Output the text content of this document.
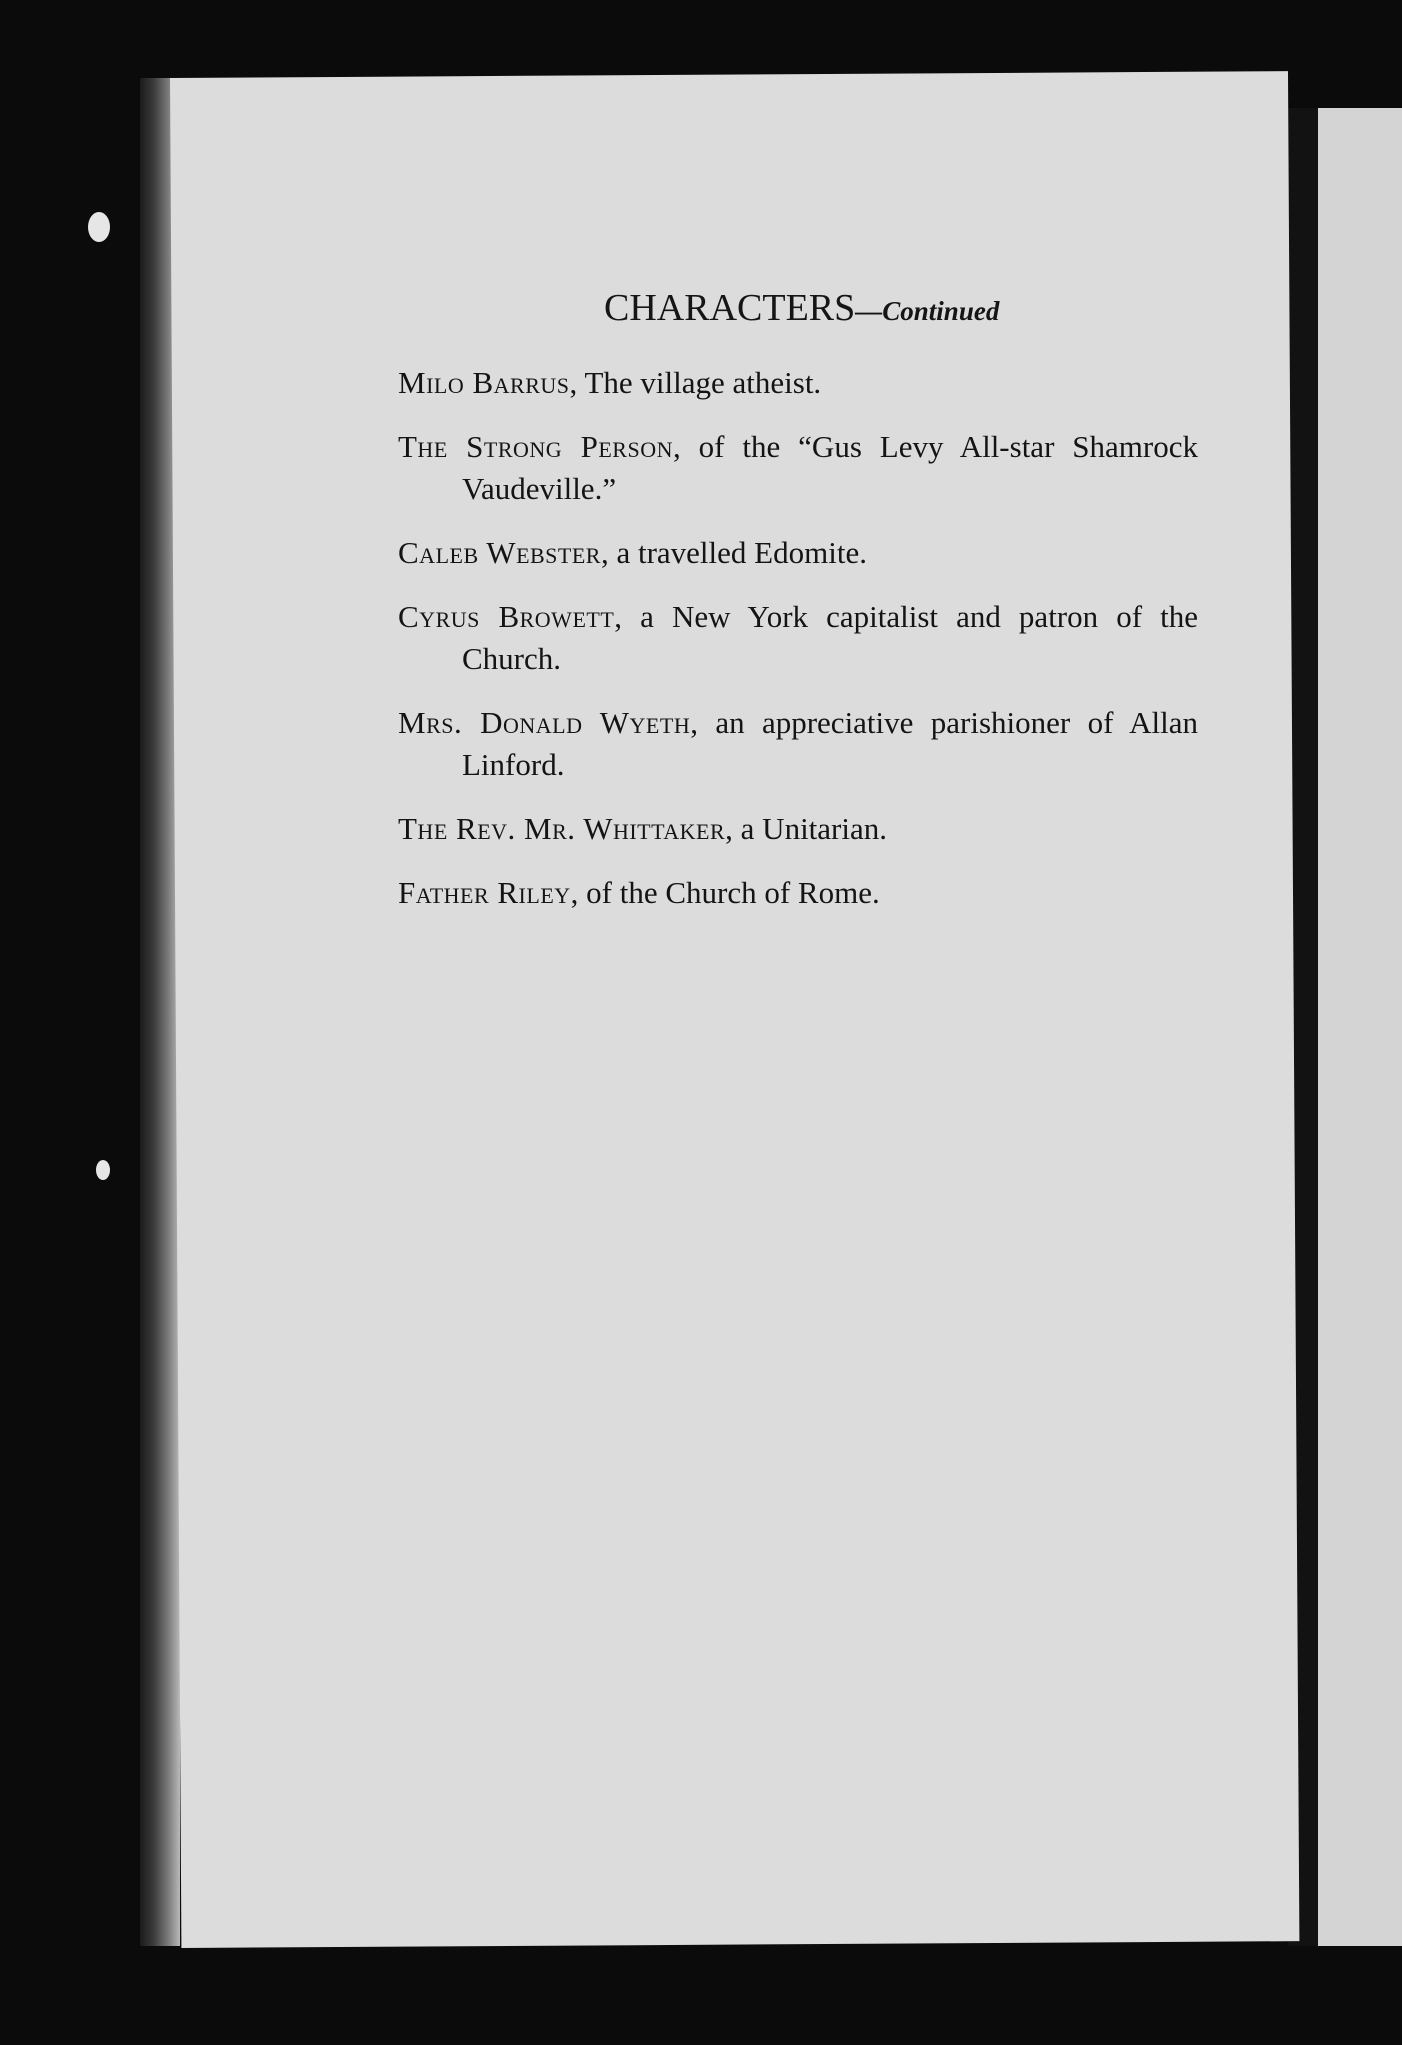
CHARACTERS—Continued

Milo Barrus, The village atheist.

The Strong Person, of the “Gus Levy All-star Shamrock Vaudeville.”

Caleb Webster, a travelled Edomite.

Cyrus Browett, a New York capitalist and patron of the Church.

Mrs. Donald Wyeth, an appreciative parishioner of Allan Linford.

The Rev. Mr. Whittaker, a Unitarian.

Father Riley, of the Church of Rome.
